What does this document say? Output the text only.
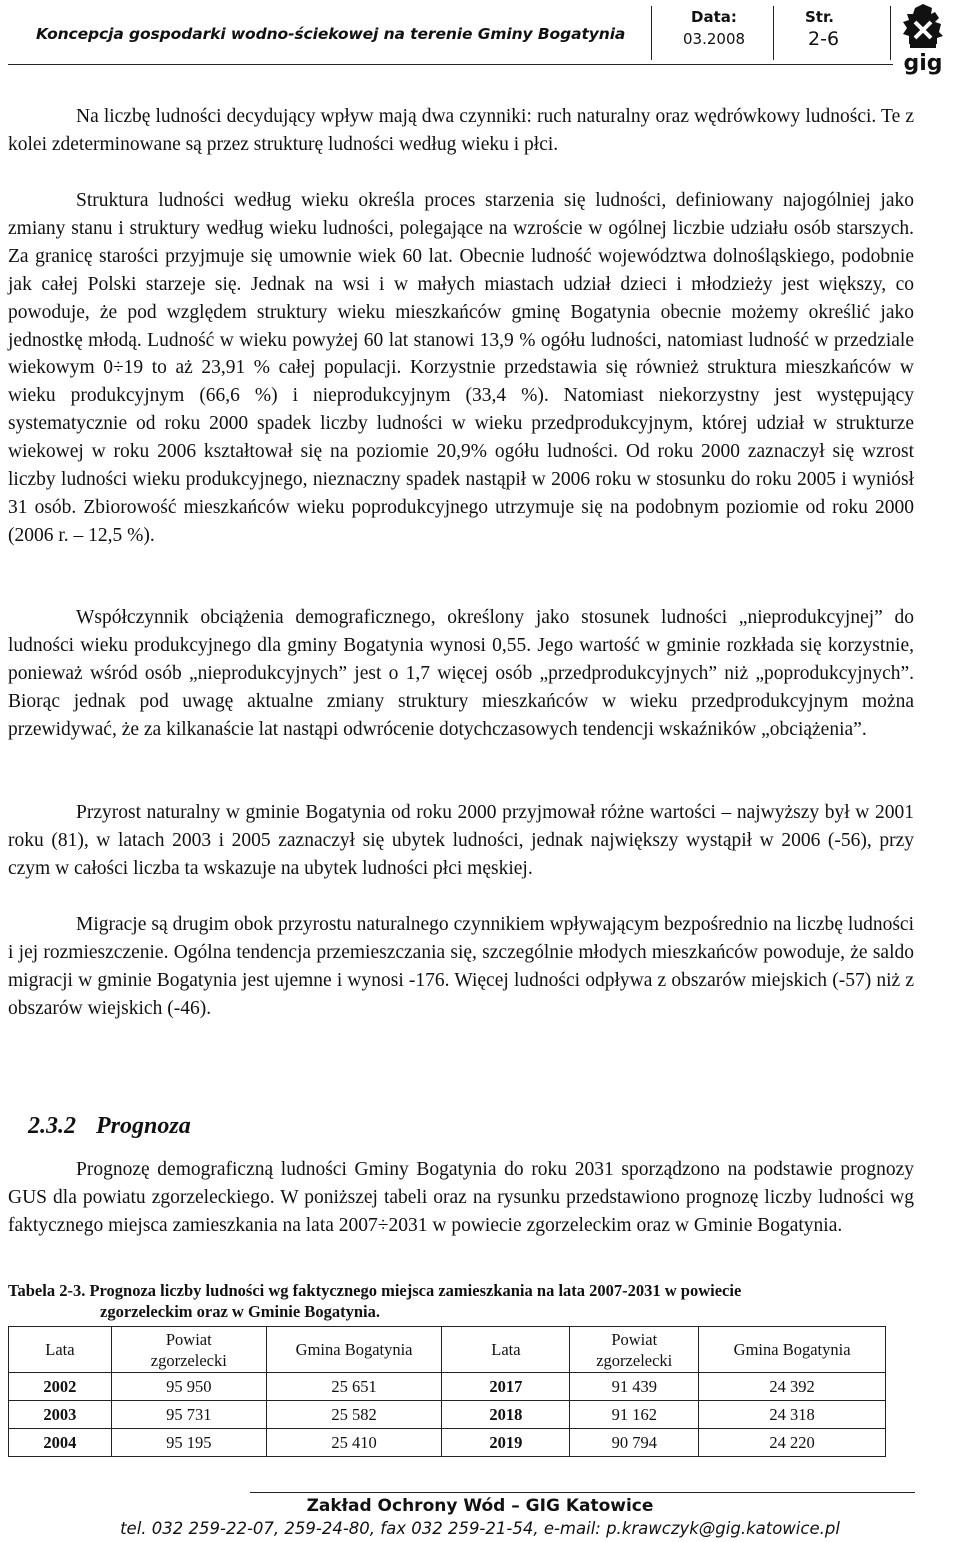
Koncepcja gospodarki wodno-ściekowej na terenie Gminy Bogatynia
Data:
03.2008
Str.
2-6
gig

Na liczbę ludności decydujący wpływ mają dwa czynniki: ruch naturalny oraz wędrówkowy ludności. Te z kolei zdeterminowane są przez strukturę ludności według wieku i płci.

Struktura ludności według wieku określa proces starzenia się ludności, definiowany najogólniej jako zmiany stanu i struktury według wieku ludności, polegające na wzroście w ogólnej liczbie udziału osób starszych. Za granicę starości przyjmuje się umownie wiek 60 lat. Obecnie ludność województwa dolnośląskiego, podobnie jak całej Polski starzeje się. Jednak na wsi i w małych miastach udział dzieci i młodzieży jest większy, co powoduje, że pod względem struktury wieku mieszkańców gminę Bogatynia obecnie możemy określić jako jednostkę młodą. Ludność w wieku powyżej 60 lat stanowi 13,9 % ogółu ludności, natomiast ludność w przedziale wiekowym 0÷19 to aż 23,91 % całej populacji. Korzystnie przedstawia się również struktura mieszkańców w wieku produkcyjnym (66,6 %) i nieprodukcyjnym (33,4 %). Natomiast niekorzystny jest występujący systematycznie od roku 2000 spadek liczby ludności w wieku przedprodukcyjnym, której udział w strukturze wiekowej w roku 2006 kształtował się na poziomie 20,9% ogółu ludności. Od roku 2000 zaznaczył się wzrost liczby ludności wieku produkcyjnego, nieznaczny spadek nastąpił w 2006 roku w stosunku do roku 2005 i wyniósł 31 osób. Zbiorowość mieszkańców wieku poprodukcyjnego utrzymuje się na podobnym poziomie od roku 2000 (2006 r. – 12,5 %).

Współczynnik obciążenia demograficznego, określony jako stosunek ludności „nieprodukcyjnej” do ludności wieku produkcyjnego dla gminy Bogatynia wynosi 0,55. Jego wartość w gminie rozkłada się korzystnie, ponieważ wśród osób „nieprodukcyjnych” jest o 1,7 więcej osób „przedprodukcyjnych” niż „poprodukcyjnych”. Biorąc jednak pod uwagę aktualne zmiany struktury mieszkańców w wieku przedprodukcyjnym można przewidywać, że za kilkanaście lat nastąpi odwrócenie dotychczasowych tendencji wskaźników „obciążenia”.

Przyrost naturalny w gminie Bogatynia od roku 2000 przyjmował różne wartości – najwyższy był w 2001 roku (81), w latach 2003 i 2005 zaznaczył się ubytek ludności, jednak największy wystąpił w 2006 (-56), przy czym w całości liczba ta wskazuje na ubytek ludności płci męskiej.

Migracje są drugim obok przyrostu naturalnego czynnikiem wpływającym bezpośrednio na liczbę ludności i jej rozmieszczenie. Ogólna tendencja przemieszczania się, szczególnie młodych mieszkańców powoduje, że saldo migracji w gminie Bogatynia jest ujemne i wynosi -176. Więcej ludności odpływa z obszarów miejskich (-57) niż z obszarów wiejskich (-46).

2.3.2 Prognoza

Prognozę demograficzną ludności Gminy Bogatynia do roku 2031 sporządzono na podstawie prognozy GUS dla powiatu zgorzeleckiego. W poniższej tabeli oraz na rysunku przedstawiono prognozę liczby ludności wg faktycznego miejsca zamieszkania na lata 2007÷2031 w powiecie zgorzeleckim oraz w Gminie Bogatynia.

Tabela 2-3. Prognoza liczby ludności wg faktycznego miejsca zamieszkania na lata 2007-2031 w powiecie
zgorzeleckim oraz w Gminie Bogatynia.
Lata	Powiat
zgorzelecki	Gmina Bogatynia	Lata	Powiat
zgorzelecki	Gmina Bogatynia
2002	95 950	25 651	2017	91 439	24 392
2003	95 731	25 582	2018	91 162	24 318
2004	95 195	25 410	2019	90 794	24 220
Zakład Ochrony Wód – GIG Katowice
tel. 032 259-22-07, 259-24-80, fax 032 259-21-54, e-mail: p.krawczyk@gig.katowice.pl
